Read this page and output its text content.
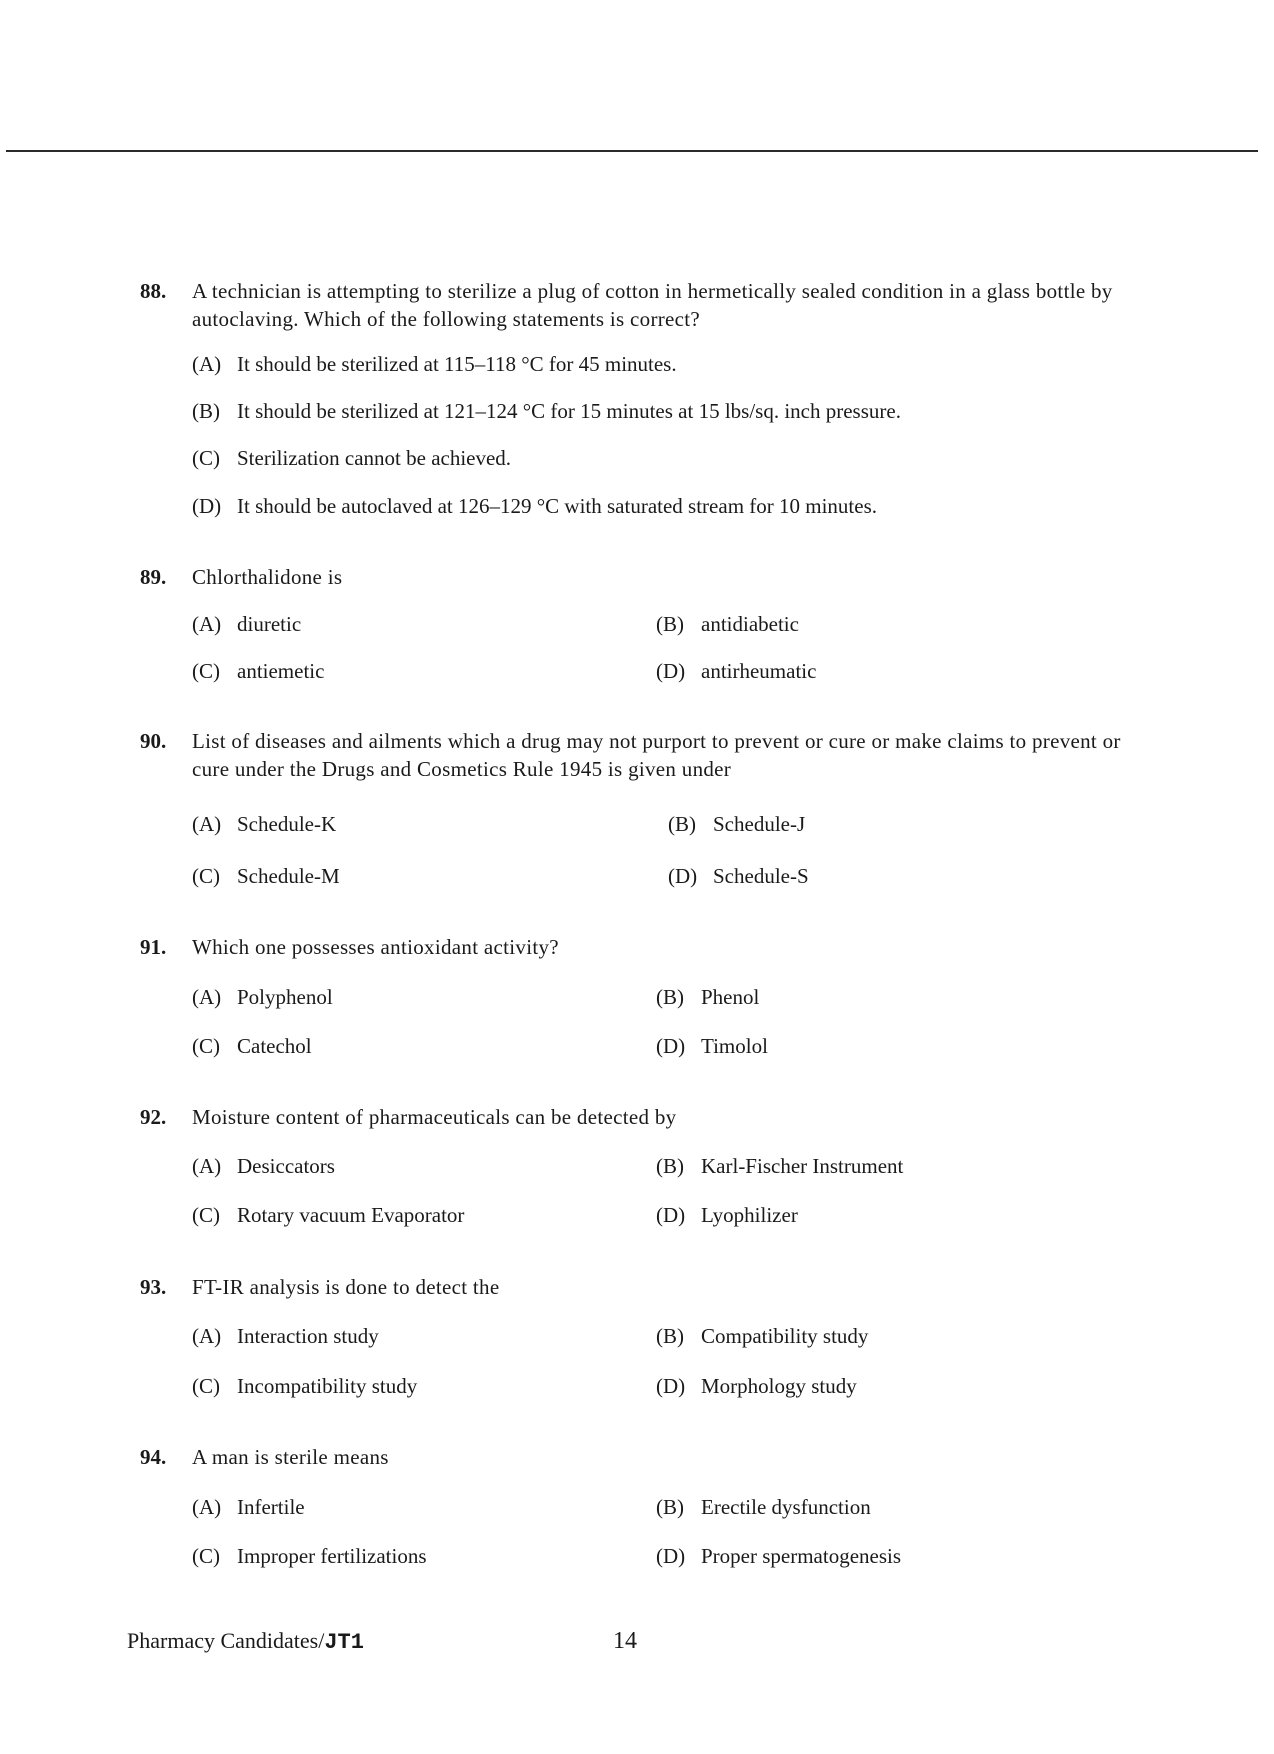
88. A technician is attempting to sterilize a plug of cotton in hermetically sealed condition in a glass bottle by autoclaving. Which of the following statements is correct?
(A) It should be sterilized at 115–118 °C for 45 minutes.
(B) It should be sterilized at 121–124 °C for 15 minutes at 15 lbs/sq. inch pressure.
(C) Sterilization cannot be achieved.
(D) It should be autoclaved at 126–129 °C with saturated stream for 10 minutes.
89. Chlorthalidone is
(A) diuretic	(B) antidiabetic
(C) antiemetic	(D) antirheumatic
90. List of diseases and ailments which a drug may not purport to prevent or cure or make claims to prevent or cure under the Drugs and Cosmetics Rule 1945 is given under
(A) Schedule-K	(B) Schedule-J
(C) Schedule-M	(D) Schedule-S
91. Which one possesses antioxidant activity?
(A) Polyphenol	(B) Phenol
(C) Catechol	(D) Timolol
92. Moisture content of pharmaceuticals can be detected by
(A) Desiccators	(B) Karl-Fischer Instrument
(C) Rotary vacuum Evaporator	(D) Lyophilizer
93. FT-IR analysis is done to detect the
(A) Interaction study	(B) Compatibility study
(C) Incompatibility study	(D) Morphology study
94. A man is sterile means
(A) Infertile	(B) Erectile dysfunction
(C) Improper fertilizations	(D) Proper spermatogenesis
Pharmacy Candidates/JT1	14
